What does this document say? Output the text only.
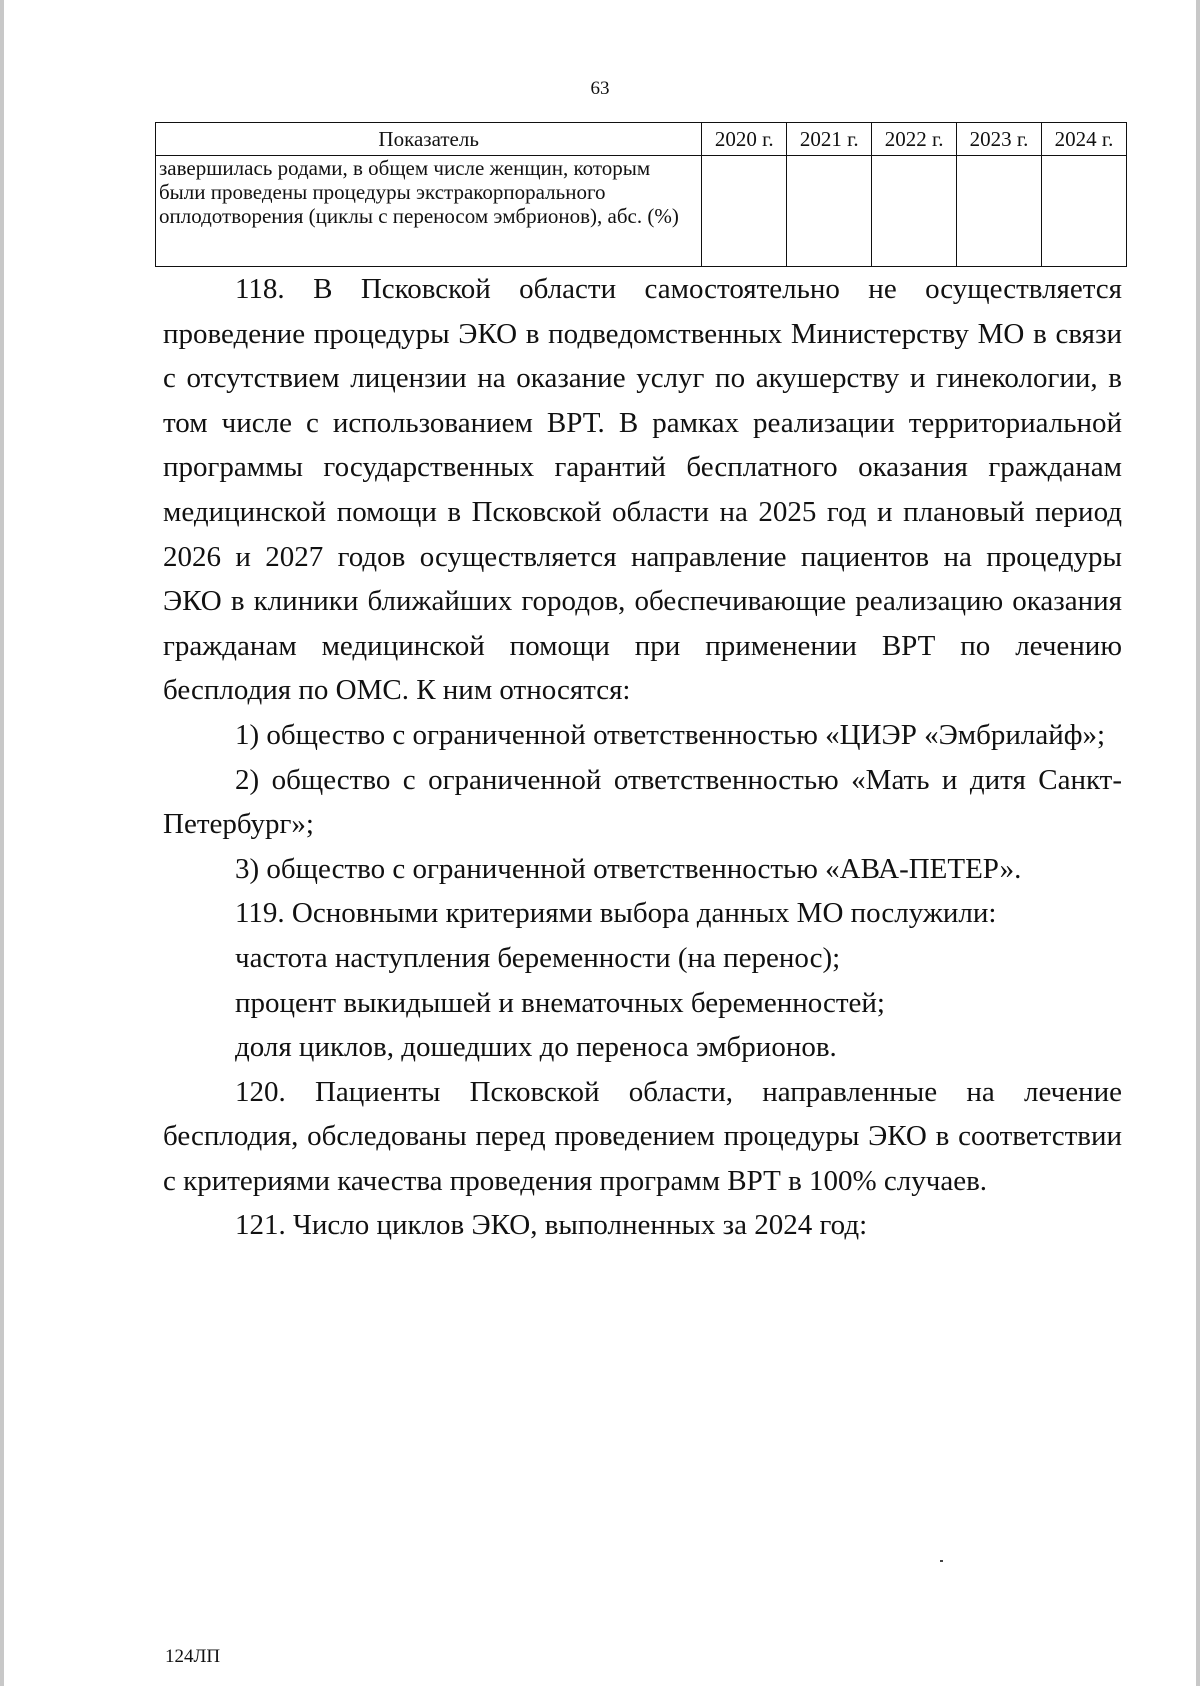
63
Показатель	2020 г.	2021 г.	2022 г.	2023 г.	2024 г.
завершилась родами, в общем числе женщин, которым были проведены процедуры экстракорпорального оплодотворения (циклы с переносом эмбрионов), абс. (%)					

118. В Псковской области самостоятельно не осуществляется проведение процедуры ЭКО в подведомственных Министерству МО в связи с отсутствием лицензии на оказание услуг по акушерству и гинекологии, в том числе с использованием ВРТ. В рамках реализации территориальной программы государственных гарантий бесплатного оказания гражданам медицинской помощи в Псковской области на 2025 год и плановый период 2026 и 2027 годов осуществляется направление пациентов на процедуры ЭКО в клиники ближайших городов, обеспечивающие реализацию оказания гражданам медицинской помощи при применении ВРТ по лечению бесплодия по ОМС. К ним относятся:

1) общество с ограниченной ответственностью «ЦИЭР «Эмбрилайф»;

2) общество с ограниченной ответственностью «Мать и дитя Санкт-Петербург»;

3) общество с ограниченной ответственностью «АВА-ПЕТЕР».

119. Основными критериями выбора данных МО послужили:

частота наступления беременности (на перенос);

процент выкидышей и внематочных беременностей;

доля циклов, дошедших до переноса эмбрионов.

120. Пациенты Псковской области, направленные на лечение бесплодия, обследованы перед проведением процедуры ЭКО в соответствии с критериями качества проведения программ ВРТ в 100% случаев.

121. Число циклов ЭКО, выполненных за 2024 год:

124ЛП
